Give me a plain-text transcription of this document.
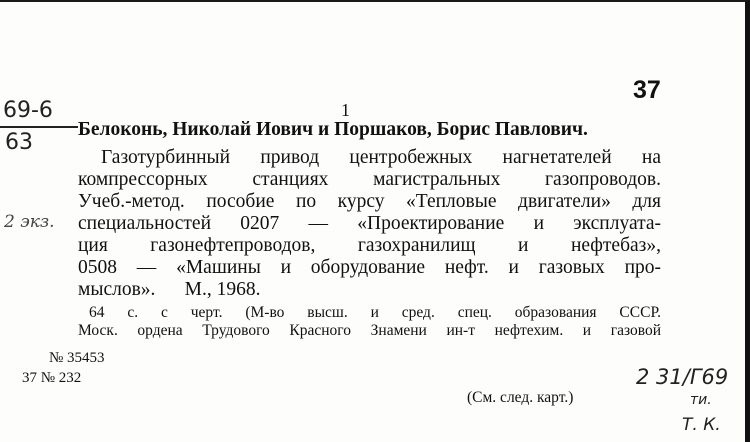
37
69-6
63
1
2 экз.
Белоконь, Николай Иович и Поршаков, Борис Павлович.
Газотурбинный привод центробежных нагнетателей на
компрессорных станциях магистральных газопроводов.
Учеб.-метод. пособие по курсу «Тепловые двигатели» для
специальностей 0207 — «Проектирование и эксплуата-
ция газонефтепроводов, газохранилищ и нефтебаз»,
0508 — «Машины и оборудование нефт. и газовых про-
мыслов».      М., 1968.
64 с. с черт. (М-во высш. и сред. спец. образования СССР.
Моск. ордена Трудового Красного Знамени ин-т нефтехим. и газовой
№ 35453
37 № 232
(См. след. карт.)
2 31/Г69
ти.
Т. К.
